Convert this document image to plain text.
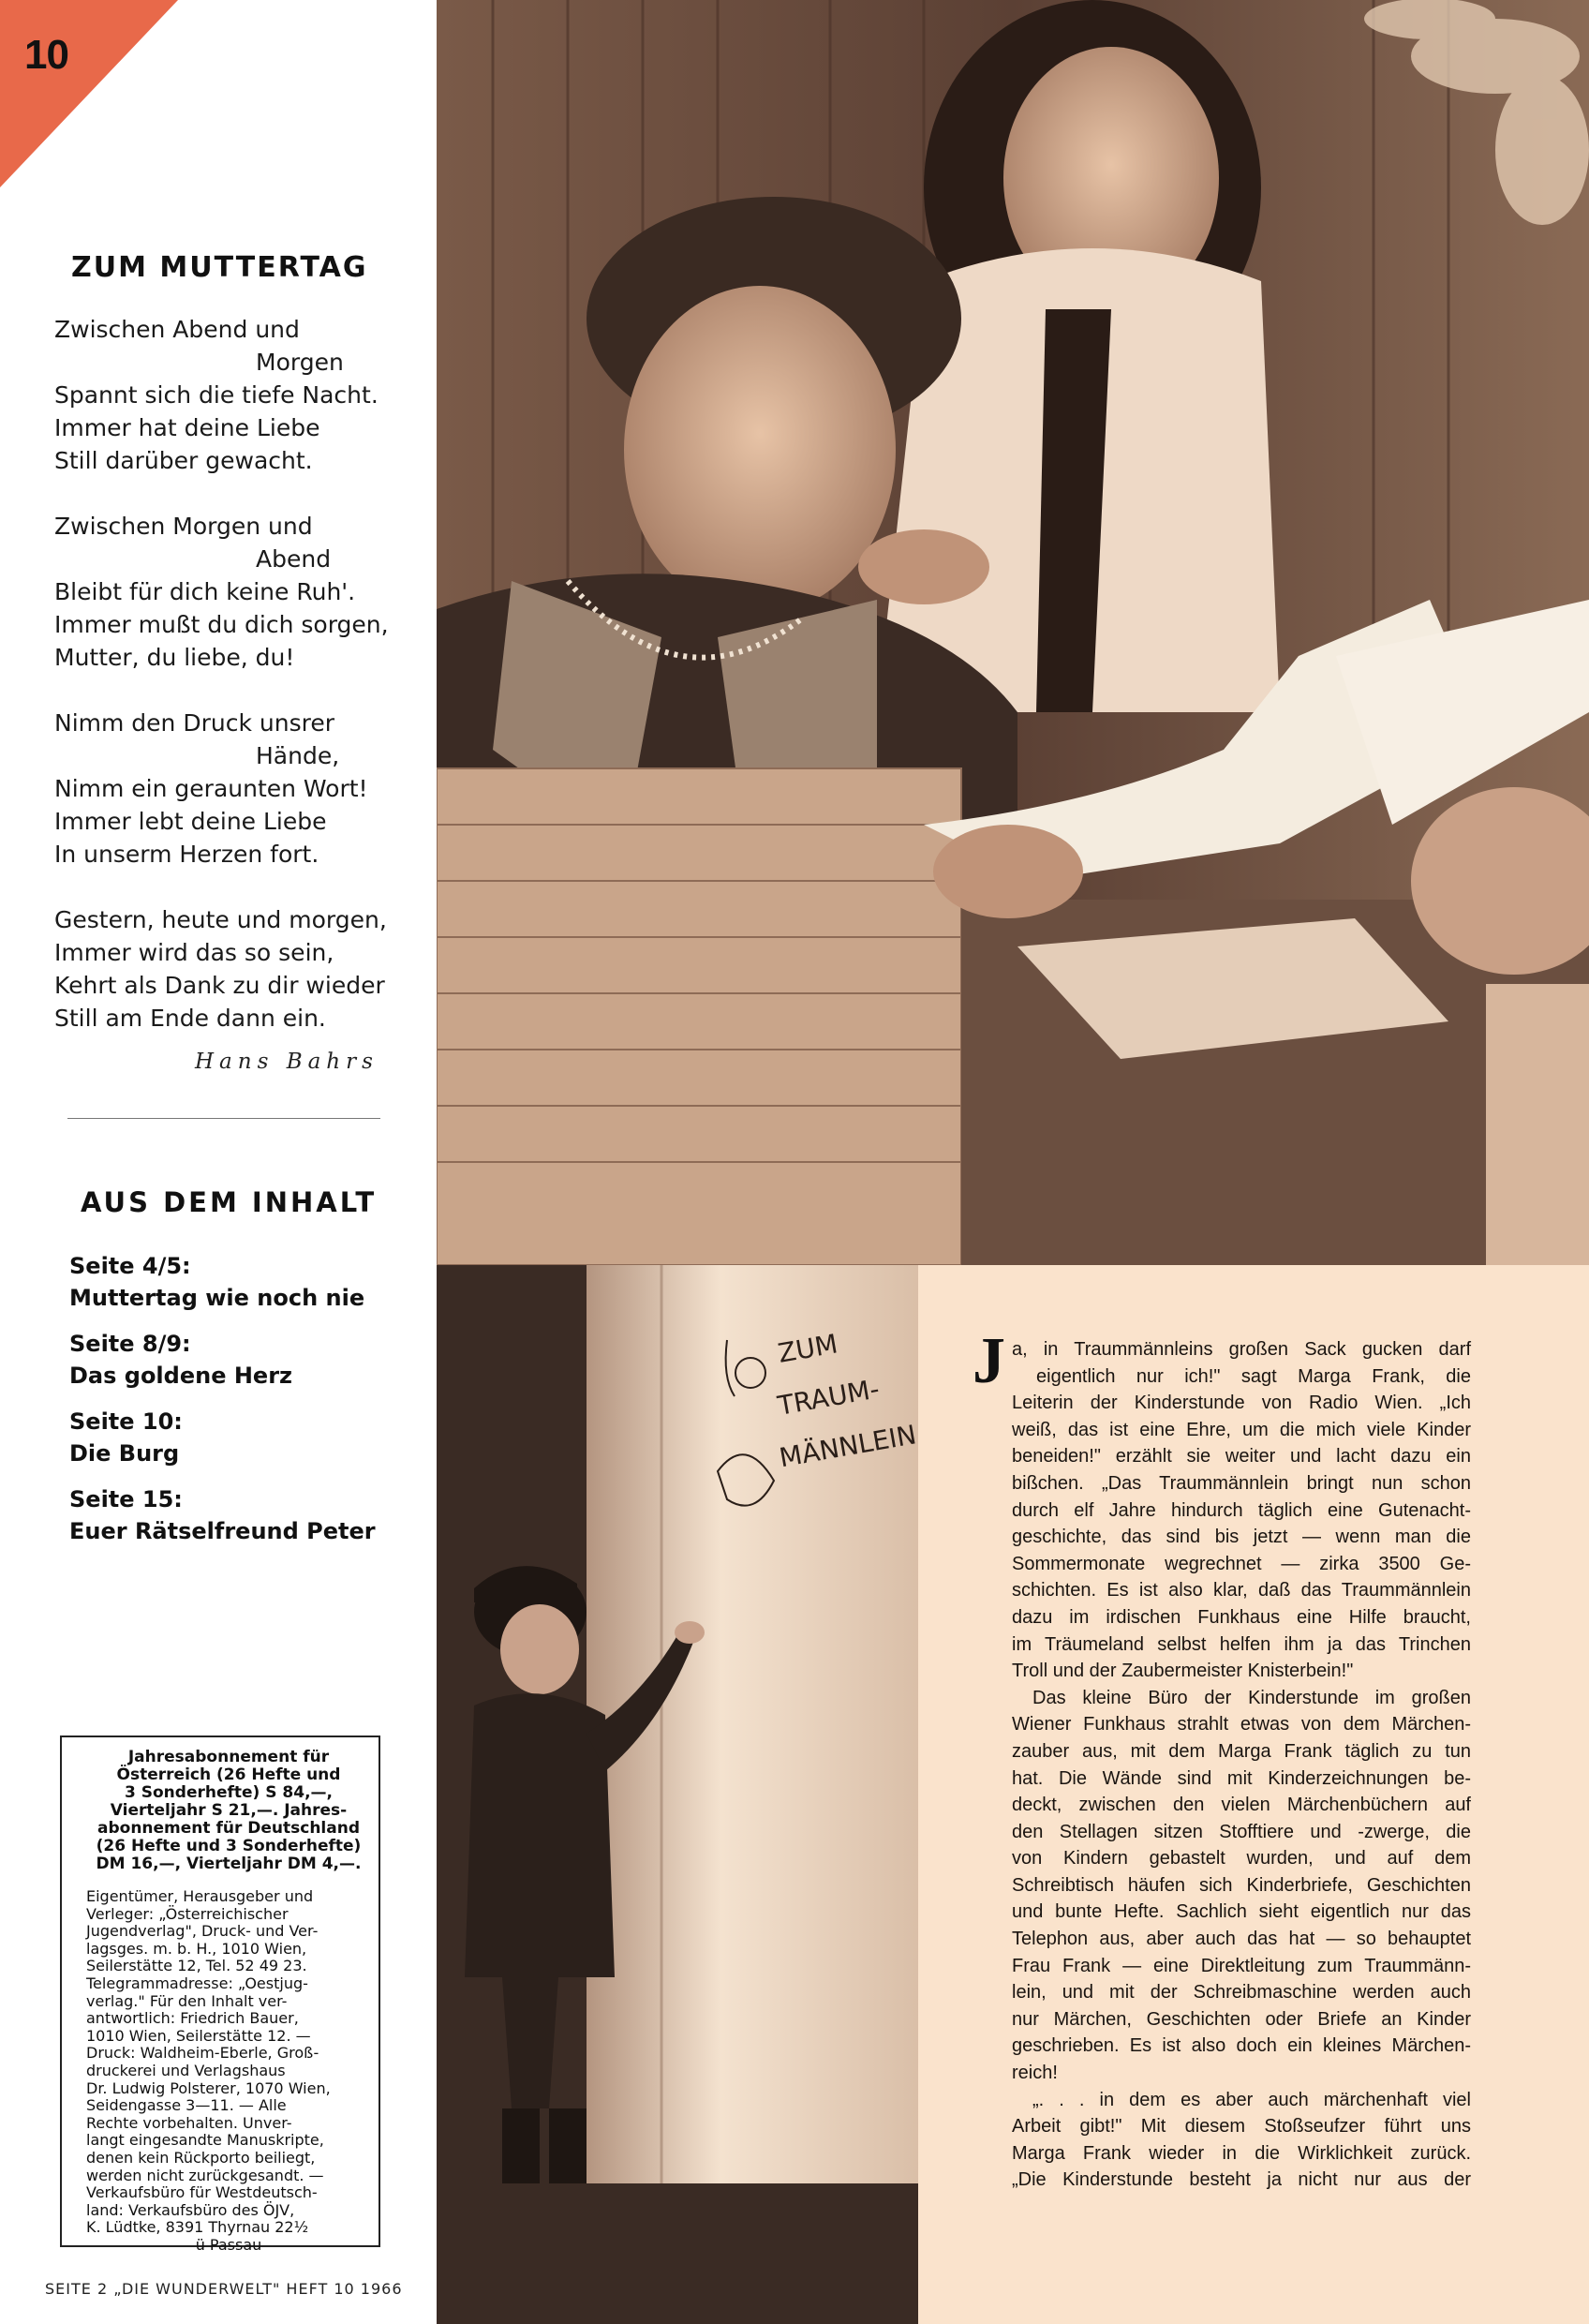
10
ZUM MUTTERTAG
Zwischen Abend und
Morgen
Spannt sich die tiefe Nacht.
Immer hat deine Liebe
Still darüber gewacht.
Zwischen Morgen und
Abend
Bleibt für dich keine Ruh'.
Immer mußt du dich sorgen,
Mutter, du liebe, du!
Nimm den Druck unsrer
Hände,
Nimm ein geraunten Wort!
Immer lebt deine Liebe
In unserm Herzen fort.
Gestern, heute und morgen,
Immer wird das so sein,
Kehrt als Dank zu dir wieder
Still am Ende dann ein.
Hans Bahrs
AUS DEM INHALT
Seite 4/5:
Muttertag wie noch nie
Seite 8/9:
Das goldene Herz
Seite 10:
Die Burg
Seite 15:
Euer Rätselfreund Peter
Jahresabonnement für
Österreich (26 Hefte und
3 Sonderhefte) S 84,—,
Vierteljahr S 21,—. Jahres-
abonnement für Deutschland
(26 Hefte und 3 Sonderhefte)
DM 16,—, Vierteljahr DM 4,—.
Eigentümer, Herausgeber und
Verleger: „Österreichischer
Jugendverlag", Druck- und Ver-
lagsges. m. b. H., 1010 Wien,
Seilerstätte 12, Tel. 52 49 23.
Telegrammadresse: „Oestjug-
verlag." Für den Inhalt ver-
antwortlich: Friedrich Bauer,
1010 Wien, Seilerstätte 12. —
Druck: Waldheim-Eberle, Groß-
druckerei und Verlagshaus
Dr. Ludwig Polsterer, 1070 Wien,
Seidengasse 3—11. — Alle
Rechte vorbehalten. Unver-
langt eingesandte Manuskripte,
denen kein Rückporto beiliegt,
werden nicht zurückgesandt. —
Verkaufsbüro für Westdeutsch-
land: Verkaufsbüro des ÖJV,
K. Lüdtke, 8391 Thyrnau 22½
ü Passau
SEITE 2 „DIE WUNDERWELT" HEFT 10 1966
ZUM
TRAUM-
MÄNNLEIN
J a, in Traummännleins großen Sack gucken darf
eigentlich nur ich!" sagt Marga Frank, die
Leiterin der Kinderstunde von Radio Wien. „Ich
weiß, das ist eine Ehre, um die mich viele Kinder
beneiden!" erzählt sie weiter und lacht dazu ein
bißchen. „Das Traummännlein bringt nun schon
durch elf Jahre hindurch täglich eine Gutenacht-
geschichte, das sind bis jetzt — wenn man die
Sommermonate wegrechnet — zirka 3500 Ge-
schichten. Es ist also klar, daß das Traummännlein
dazu im irdischen Funkhaus eine Hilfe braucht,
im Träumeland selbst helfen ihm ja das Trinchen
Troll und der Zaubermeister Knisterbein!"
Das kleine Büro der Kinderstunde im großen
Wiener Funkhaus strahlt etwas von dem Märchen-
zauber aus, mit dem Marga Frank täglich zu tun
hat. Die Wände sind mit Kinderzeichnungen be-
deckt, zwischen den vielen Märchenbüchern auf
den Stellagen sitzen Stofftiere und -zwerge, die
von Kindern gebastelt wurden, und auf dem
Schreibtisch häufen sich Kinderbriefe, Geschichten
und bunte Hefte. Sachlich sieht eigentlich nur das
Telephon aus, aber auch das hat — so behauptet
Frau Frank — eine Direktleitung zum Traummänn-
lein, und mit der Schreibmaschine werden auch
nur Märchen, Geschichten oder Briefe an Kinder
geschrieben. Es ist also doch ein kleines Märchen-
reich!
„. . . in dem es aber auch märchenhaft viel
Arbeit gibt!" Mit diesem Stoßseufzer führt uns
Marga Frank wieder in die Wirklichkeit zurück.
„Die Kinderstunde besteht ja nicht nur aus der
